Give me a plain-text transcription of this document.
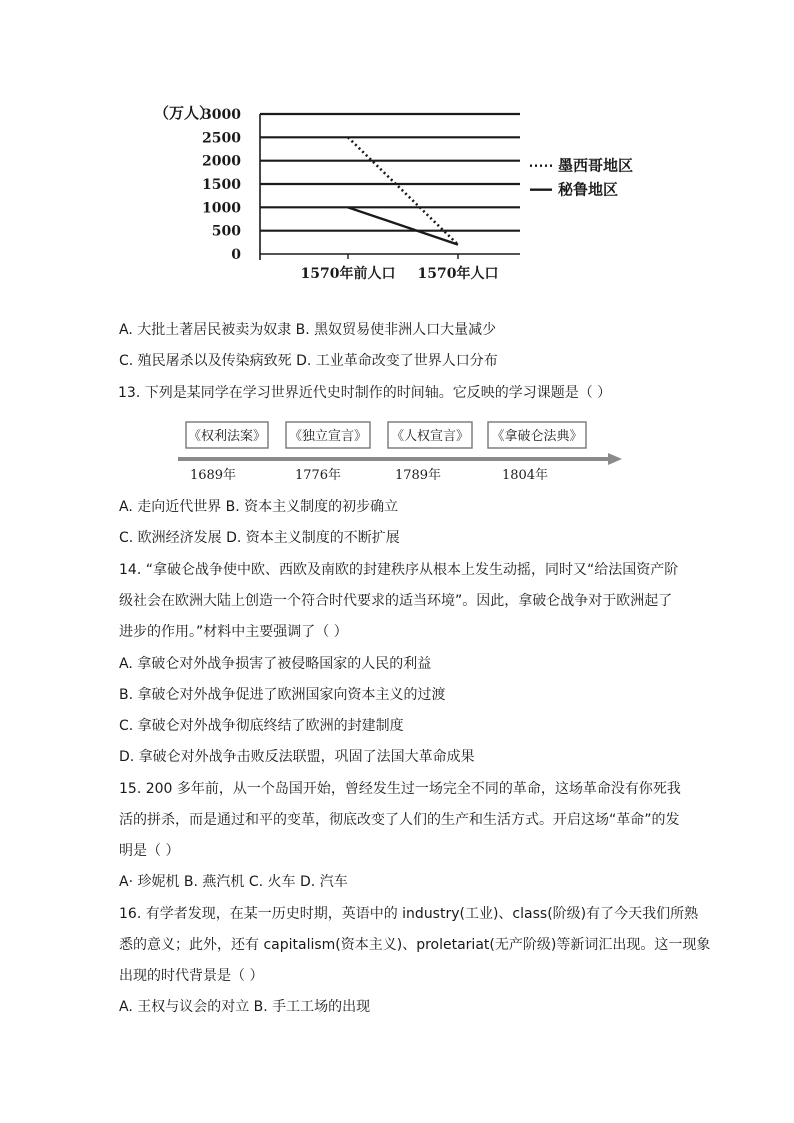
（万人）
0
500
1000
1500
2000
2500
3000
1570年前人口 1570年人口
墨西哥地区
秘鲁地区
A. 大批土著居民被卖为奴隶 B. 黑奴贸易使非洲人口大量减少
C. 殖民屠杀以及传染病致死 D. 工业革命改变了世界人口分布
13. 下列是某同学在学习世界近代史时制作的时间轴。它反映的学习课题是（ ）
《权利法案》
1689年
《独立宣言》
1776年
《人权宣言》
1789年
《拿破仑法典》
1804年
A. 走向近代世界 B. 资本主义制度的初步确立
C. 欧洲经济发展 D. 资本主义制度的不断扩展
14. “拿破仑战争使中欧、西欧及南欧的封建秩序从根本上发生动摇，同时又“给法国资产阶
级社会在欧洲大陆上创造一个符合时代要求的适当环境”。因此，拿破仑战争对于欧洲起了
进步的作用。”材料中主要强调了（ ）
A. 拿破仑对外战争损害了被侵略国家的人民的利益
B. 拿破仑对外战争促进了欧洲国家向资本主义的过渡
C. 拿破仑对外战争彻底终结了欧洲的封建制度
D. 拿破仑对外战争击败反法联盟，巩固了法国大革命成果
15. 200 多年前，从一个岛国开始，曾经发生过一场完全不同的革命，这场革命没有你死我
活的拼杀，而是通过和平的变革，彻底改变了人们的生产和生活方式。开启这场“革命”的发
明是（ ）
A· 珍妮机 B. 燕汽机 C. 火车 D. 汽车
16. 有学者发现，在某一历史时期，英语中的 industry(工业)、class(阶级)有了今天我们所熟
悉的意义；此外，还有 capitalism(资本主义)、proletariat(无产阶级)等新词汇出现。这一现象
出现的时代背景是（ ）
A. 王权与议会的对立 B. 手工工场的出现
